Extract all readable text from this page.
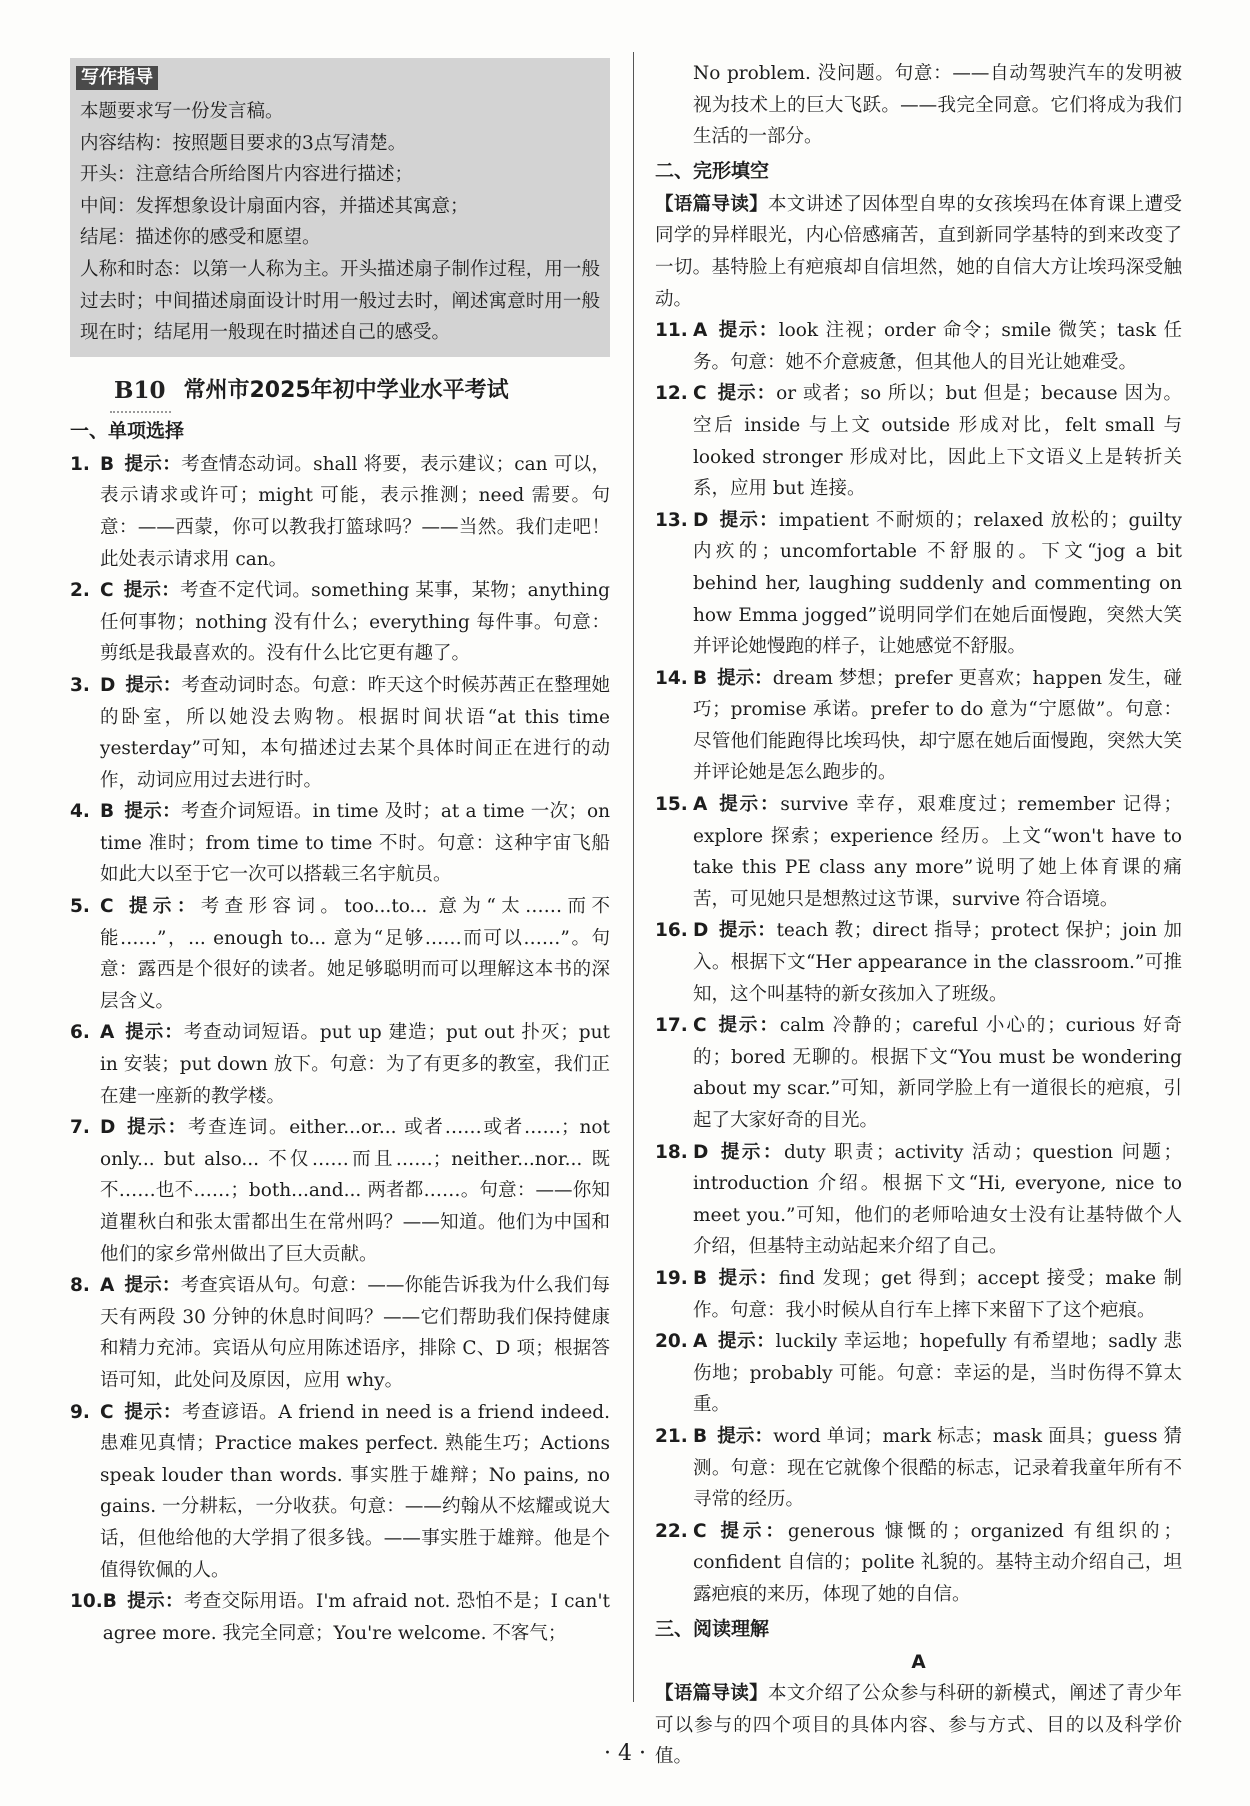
写作指导

本题要求写一份发言稿。

内容结构：按照题目要求的3点写清楚。

开头：注意结合所给图片内容进行描述；

中间：发挥想象设计扇面内容，并描述其寓意；

结尾：描述你的感受和愿望。

人称和时态：以第一人称为主。开头描述扇子制作过程，用一般过去时；中间描述扇面设计时用一般过去时，阐述寓意时用一般现在时；结尾用一般现在时描述自己的感受。

B10 常州市2025年初中学业水平考试
一、单项选择
1. B 提示：考查情态动词。shall 将要，表示建议；can 可以，表示请求或许可；might 可能，表示推测；need 需要。句意：——西蒙，你可以教我打篮球吗？——当然。我们走吧！此处表示请求用 can。
2. C 提示：考查不定代词。something 某事，某物；anything 任何事物；nothing 没有什么；everything 每件事。句意：剪纸是我最喜欢的。没有什么比它更有趣了。
3. D 提示：考查动词时态。句意：昨天这个时候苏茜正在整理她的卧室，所以她没去购物。根据时间状语“at this time yesterday”可知，本句描述过去某个具体时间正在进行的动作，动词应用过去进行时。
4. B 提示：考查介词短语。in time 及时；at a time 一次；on time 准时；from time to time 不时。句意：这种宇宙飞船如此大以至于它一次可以搭载三名宇航员。
5. C 提示：考查形容词。too...to... 意为“太……而不能……”，... enough to... 意为“足够……而可以……”。句意：露西是个很好的读者。她足够聪明而可以理解这本书的深层含义。
6. A 提示：考查动词短语。put up 建造；put out 扑灭；put in 安装；put down 放下。句意：为了有更多的教室，我们正在建一座新的教学楼。
7. D 提示：考查连词。either...or... 或者……或者……；not only... but also... 不仅……而且……；neither...nor... 既不……也不……；both...and... 两者都……。句意：——你知道瞿秋白和张太雷都出生在常州吗？——知道。他们为中国和他们的家乡常州做出了巨大贡献。
8. A 提示：考查宾语从句。句意：——你能告诉我为什么我们每天有两段 30 分钟的休息时间吗？——它们帮助我们保持健康和精力充沛。宾语从句应用陈述语序，排除 C、D 项；根据答语可知，此处问及原因，应用 why。
9. C 提示：考查谚语。A friend in need is a friend indeed. 患难见真情；Practice makes perfect. 熟能生巧；Actions speak louder than words. 事实胜于雄辩；No pains, no gains. 一分耕耘，一分收获。句意：——约翰从不炫耀或说大话，但他给他的大学捐了很多钱。——事实胜于雄辩。他是个值得钦佩的人。
10. B 提示：考查交际用语。I'm afraid not. 恐怕不是；I can't agree more. 我完全同意；You're welcome. 不客气；

No problem. 没问题。句意：——自动驾驶汽车的发明被视为技术上的巨大飞跃。——我完全同意。它们将成为我们生活的一部分。

二、完形填空

【语篇导读】本文讲述了因体型自卑的女孩埃玛在体育课上遭受同学的异样眼光，内心倍感痛苦，直到新同学基特的到来改变了一切。基特脸上有疤痕却自信坦然，她的自信大方让埃玛深受触动。

11. A 提示：look 注视；order 命令；smile 微笑；task 任务。句意：她不介意疲惫，但其他人的目光让她难受。
12. C 提示：or 或者；so 所以；but 但是；because 因为。空后 inside 与上文 outside 形成对比，felt small 与 looked stronger 形成对比，因此上下文语义上是转折关系，应用 but 连接。
13. D 提示：impatient 不耐烦的；relaxed 放松的；guilty 内疚的；uncomfortable 不舒服的。下文“jog a bit behind her, laughing suddenly and commenting on how Emma jogged”说明同学们在她后面慢跑，突然大笑并评论她慢跑的样子，让她感觉不舒服。
14. B 提示：dream 梦想；prefer 更喜欢；happen 发生，碰巧；promise 承诺。prefer to do 意为“宁愿做”。句意：尽管他们能跑得比埃玛快，却宁愿在她后面慢跑，突然大笑并评论她是怎么跑步的。
15. A 提示：survive 幸存，艰难度过；remember 记得；explore 探索；experience 经历。上文“won't have to take this PE class any more”说明了她上体育课的痛苦，可见她只是想熬过这节课，survive 符合语境。
16. D 提示：teach 教；direct 指导；protect 保护；join 加入。根据下文“Her appearance in the classroom.”可推知，这个叫基特的新女孩加入了班级。
17. C 提示：calm 冷静的；careful 小心的；curious 好奇的；bored 无聊的。根据下文“You must be wondering about my scar.”可知，新同学脸上有一道很长的疤痕，引起了大家好奇的目光。
18. D 提示：duty 职责；activity 活动；question 问题；introduction 介绍。根据下文“Hi, everyone, nice to meet you.”可知，他们的老师哈迪女士没有让基特做个人介绍，但基特主动站起来介绍了自己。
19. B 提示：find 发现；get 得到；accept 接受；make 制作。句意：我小时候从自行车上摔下来留下了这个疤痕。
20. A 提示：luckily 幸运地；hopefully 有希望地；sadly 悲伤地；probably 可能。句意：幸运的是，当时伤得不算太重。
21. B 提示：word 单词；mark 标志；mask 面具；guess 猜测。句意：现在它就像个很酷的标志，记录着我童年所有不寻常的经历。
22. C 提示：generous 慷慨的；organized 有组织的；confident 自信的；polite 礼貌的。基特主动介绍自己，坦露疤痕的来历，体现了她的自信。
三、阅读理解
A

【语篇导读】本文介绍了公众参与科研的新模式，阐述了青少年可以参与的四个项目的具体内容、参与方式、目的以及科学价值。

· 4 ·
